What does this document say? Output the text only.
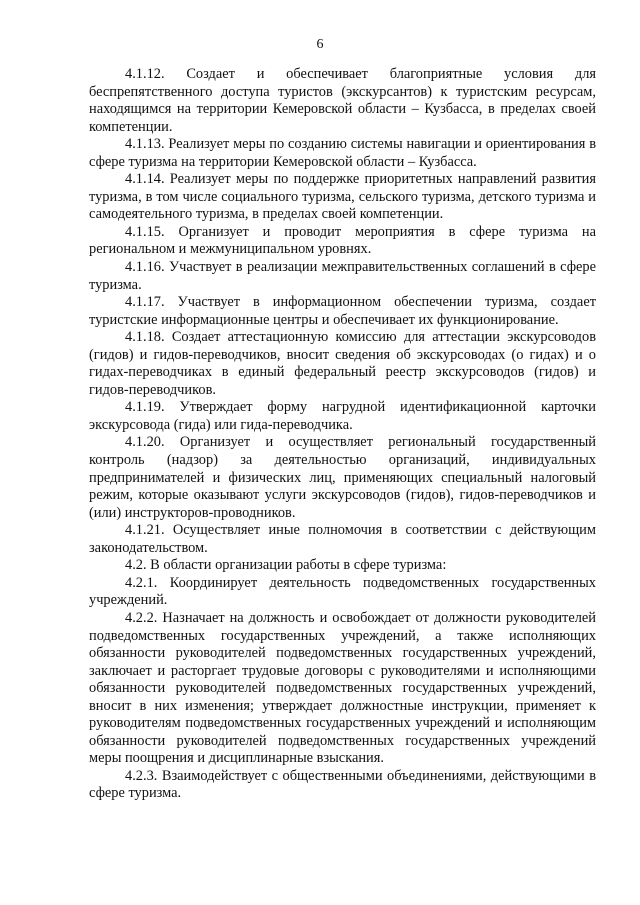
6

4.1.12. Создает и обеспечивает благоприятные условия для беспрепятственного доступа туристов (экскурсантов) к туристским ресурсам, находящимся на территории Кемеровской области – Кузбасса, в пределах своей компетенции.

4.1.13. Реализует меры по созданию системы навигации и ориентирования в сфере туризма на территории Кемеровской области – Кузбасса.

4.1.14. Реализует меры по поддержке приоритетных направлений развития туризма, в том числе социального туризма, сельского туризма, детского туризма и самодеятельного туризма, в пределах своей компетенции.

4.1.15. Организует и проводит мероприятия в сфере туризма на региональном и межмуниципальном уровнях.

4.1.16. Участвует в реализации межправительственных соглашений в сфере туризма.

4.1.17. Участвует в информационном обеспечении туризма, создает туристские информационные центры и обеспечивает их функционирование.

4.1.18. Создает аттестационную комиссию для аттестации экскурсоводов (гидов) и гидов-переводчиков, вносит сведения об экскурсоводах (о гидах) и о гидах-переводчиках в единый федеральный реестр экскурсоводов (гидов) и гидов-переводчиков.

4.1.19. Утверждает форму нагрудной идентификационной карточки экскурсовода (гида) или гида-переводчика.

4.1.20. Организует и осуществляет региональный государственный контроль (надзор) за деятельностью организаций, индивидуальных предпринимателей и физических лиц, применяющих специальный налоговый режим, которые оказывают услуги экскурсоводов (гидов), гидов-переводчиков и (или) инструкторов-проводников.

4.1.21. Осуществляет иные полномочия в соответствии с действующим законодательством.

4.2. В области организации работы в сфере туризма:

4.2.1. Координирует деятельность подведомственных государственных учреждений.

4.2.2. Назначает на должность и освобождает от должности руководителей подведомственных государственных учреждений, а также исполняющих обязанности руководителей подведомственных государственных учреждений, заключает и расторгает трудовые договоры с руководителями и исполняющими обязанности руководителей подведомственных государственных учреждений, вносит в них изменения; утверждает должностные инструкции, применяет к руководителям подведомственных государственных учреждений и исполняющим обязанности руководителей подведомственных государственных учреждений меры поощрения и дисциплинарные взыскания.

4.2.3. Взаимодействует с общественными объединениями, действующими в сфере туризма.
